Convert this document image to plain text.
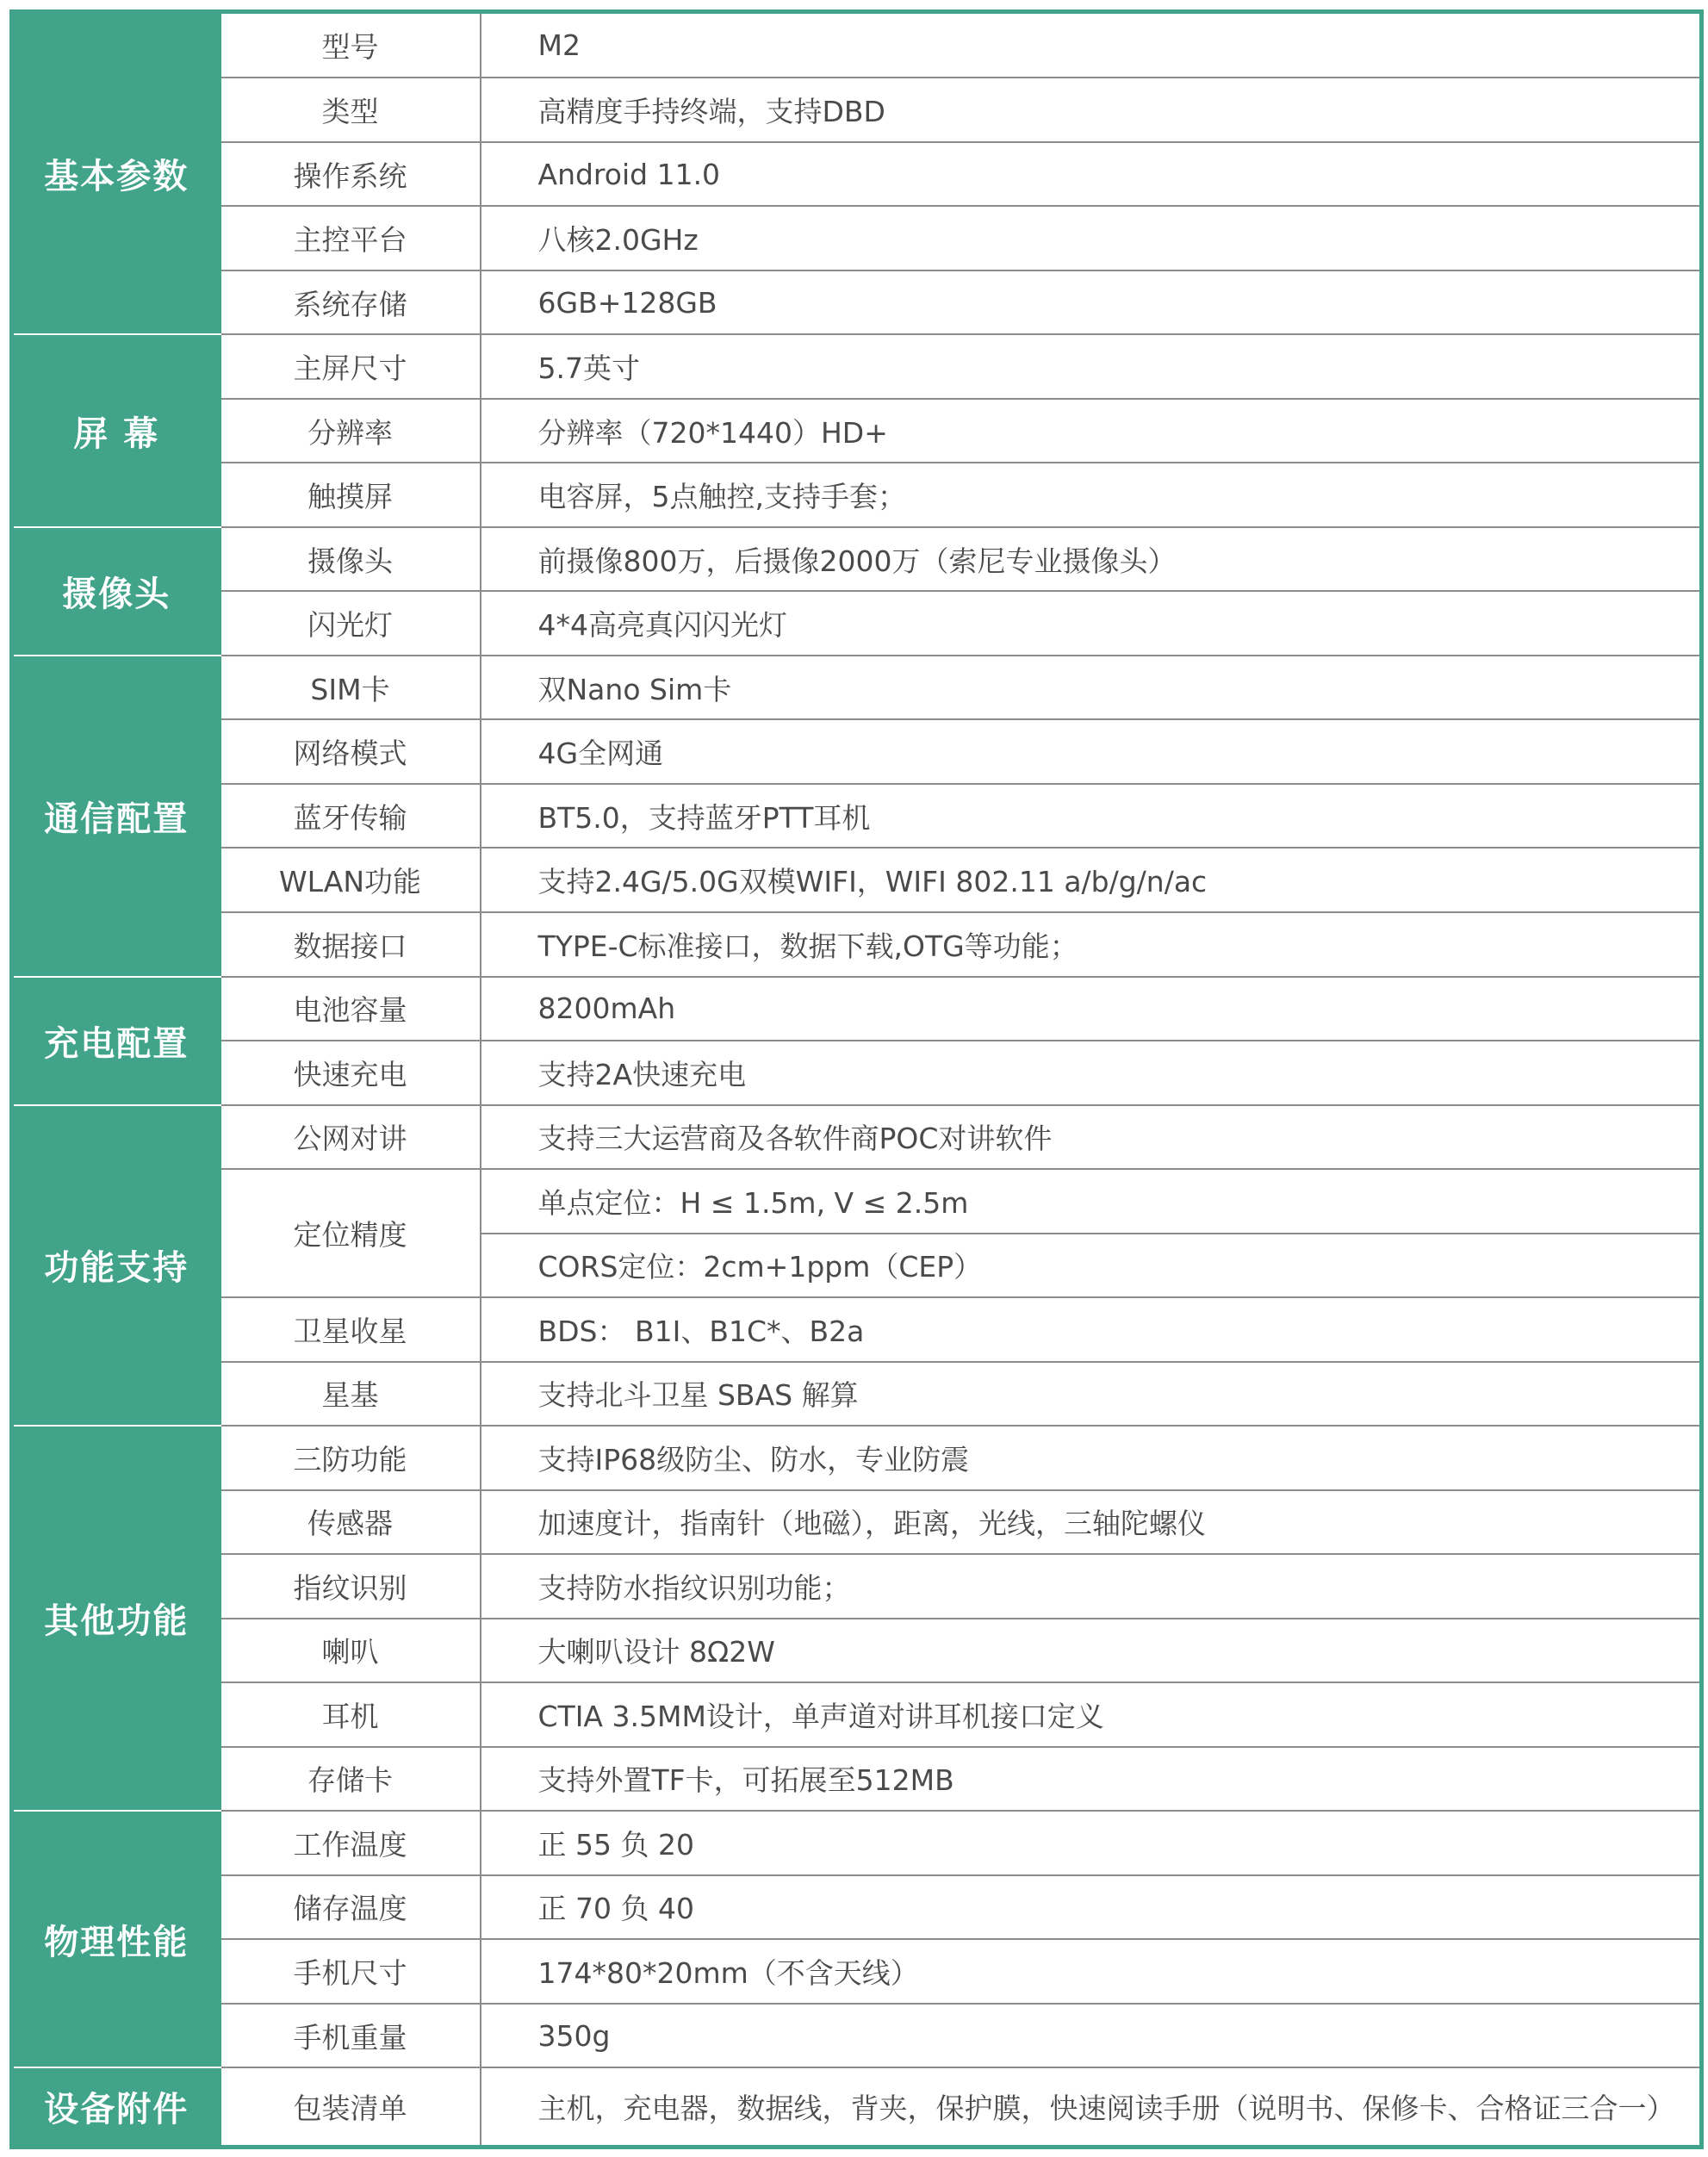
基本参数	型号	M2
	类型	高精度手持终端，支持DBD
	操作系统	Android 11.0
	主控平台	八核2.0GHz
	系统存储	6GB+128GB
屏 幕	主屏尺寸	5.7英寸
	分辨率	分辨率（720*1440）HD+
	触摸屏	电容屏，5点触控,支持手套；
摄像头	摄像头	前摄像800万，后摄像2000万（索尼专业摄像头）
	闪光灯	4*4高亮真闪闪光灯
通信配置	SIM卡	双Nano Sim卡
	网络模式	4G全网通
	蓝牙传输	BT5.0，支持蓝牙PTT耳机
	WLAN功能	支持2.4G/5.0G双模WIFI，WIFI 802.11 a/b/g/n/ac
	数据接口	TYPE-C标准接口，数据下载,OTG等功能；
充电配置	电池容量	8200mAh
	快速充电	支持2A快速充电
功能支持	公网对讲	支持三大运营商及各软件商POC对讲软件
	定位精度	单点定位：H ≤ 1.5m, V ≤ 2.5m
		CORS定位：2cm+1ppm（CEP）
	卫星收星	BDS： B1I、B1C*、B2a
	星基	支持北斗卫星 SBAS 解算
其他功能	三防功能	支持IP68级防尘、防水，专业防震
	传感器	加速度计，指南针（地磁），距离，光线，三轴陀螺仪
	指纹识别	支持防水指纹识别功能；
	喇叭	大喇叭设计 8Ω2W
	耳机	CTIA 3.5MM设计，单声道对讲耳机接口定义
	存储卡	支持外置TF卡，可拓展至512MB
物理性能	工作温度	正 55 负 20
	储存温度	正 70 负 40
	手机尺寸	174*80*20mm（不含天线）
	手机重量	350g
设备附件	包装清单	主机，充电器，数据线，背夹，保护膜，快速阅读手册（说明书、保修卡、合格证三合一）
